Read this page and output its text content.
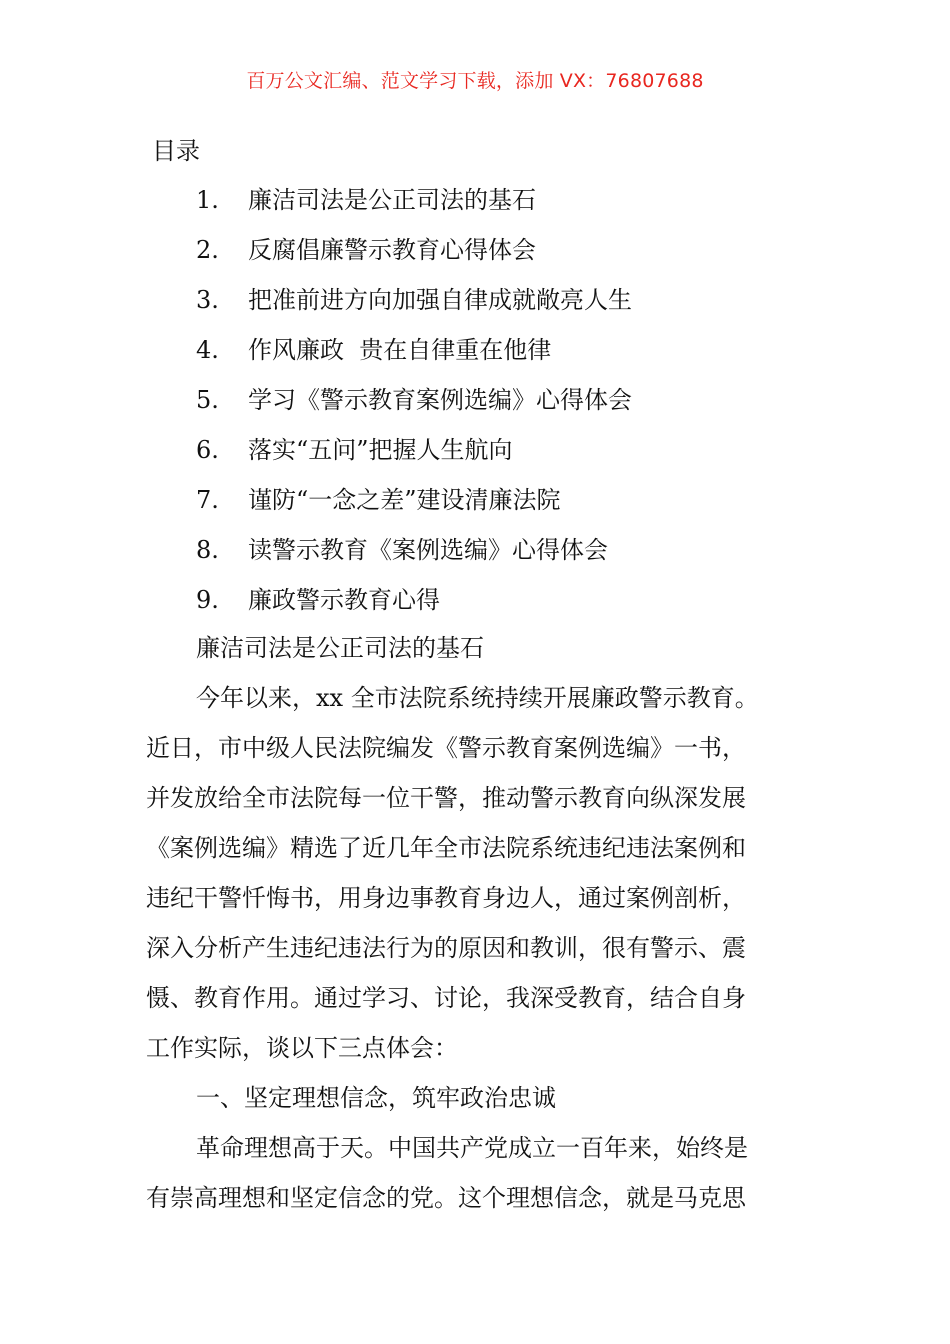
百万公文汇编、范文学习下载，添加 VX：76807688
目录
1. 廉洁司法是公正司法的基石
2. 反腐倡廉警示教育心得体会
3. 把准前进方向加强自律成就敞亮人生
4. 作风廉政  贵在自律重在他律
5. 学习《警示教育案例选编》心得体会
6. 落实“五问”把握人生航向
7. 谨防“一念之差”建设清廉法院
8. 读警示教育《案例选编》心得体会
9. 廉政警示教育心得
廉洁司法是公正司法的基石
今年以来，xx 全市法院系统持续开展廉政警示教育。
近日，市中级人民法院编发《警示教育案例选编》一书，
并发放给全市法院每一位干警，推动警示教育向纵深发展
《案例选编》精选了近几年全市法院系统违纪违法案例和
违纪干警忏悔书，用身边事教育身边人，通过案例剖析，
深入分析产生违纪违法行为的原因和教训，很有警示、震
慑、教育作用。通过学习、讨论，我深受教育，结合自身
工作实际，谈以下三点体会：
一、坚定理想信念，筑牢政治忠诚
革命理想高于天。中国共产党成立一百年来，始终是
有崇高理想和坚定信念的党。这个理想信念，就是马克思
